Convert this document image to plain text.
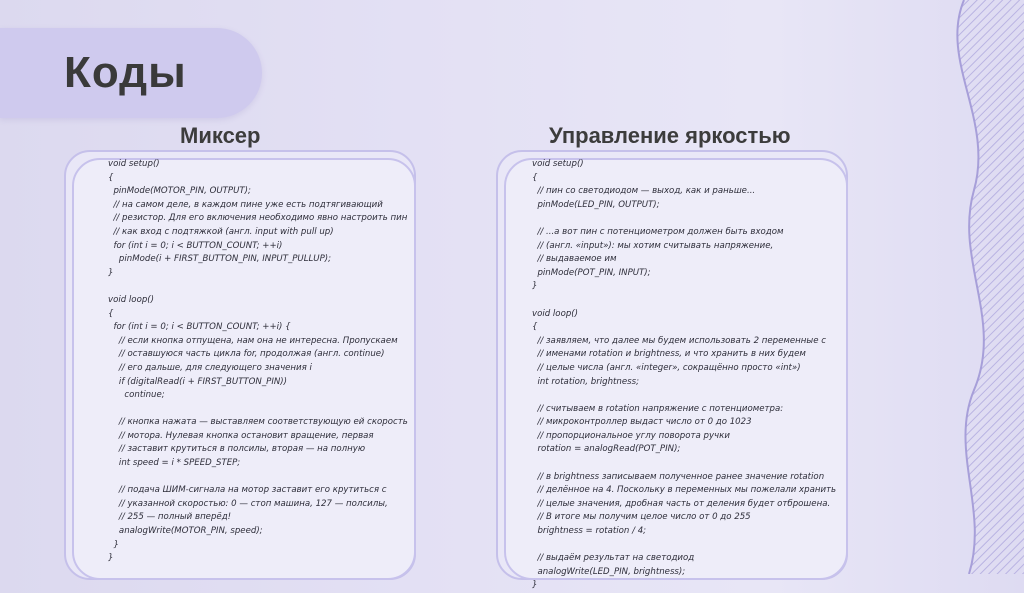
Коды
Миксер	Управление яркостью
void setup()
{
pinMode(MOTOR_PIN, OUTPUT);
// на самом деле, в каждом пине уже есть подтягивающий
// резистор. Для его включения необходимо явно настроить пин
// как вход с подтяжкой (англ. input with pull up)
for (int i = 0; i < BUTTON_COUNT; ++i)
pinMode(i + FIRST_BUTTON_PIN, INPUT_PULLUP);
}

void loop()
{
for (int i = 0; i < BUTTON_COUNT; ++i) {
// если кнопка отпущена, нам она не интересна. Пропускаем
// оставшуюся часть цикла for, продолжая (англ. continue)
// его дальше, для следующего значения i
if (digitalRead(i + FIRST_BUTTON_PIN))
continue;

// кнопка нажата — выставляем соответствующую ей скорость
// мотора. Нулевая кнопка остановит вращение, первая
// заставит крутиться в полсилы, вторая — на полную
int speed = i * SPEED_STEP;

// подача ШИМ-сигнала на мотор заставит его крутиться с
// указанной скоростью: 0 — стоп машина, 127 — полсилы,
// 255 — полный вперёд!
analogWrite(MOTOR_PIN, speed);
}
}
void setup()
{
// пин со светодиодом — выход, как и раньше...
pinMode(LED_PIN, OUTPUT);

// ...а вот пин с потенциометром должен быть входом
// (англ. «input»): мы хотим считывать напряжение,
// выдаваемое им
pinMode(POT_PIN, INPUT);
}

void loop()
{
// заявляем, что далее мы будем использовать 2 переменные с
// именами rotation и brightness, и что хранить в них будем
// целые числа (англ. «integer», сокращённо просто «int»)
int rotation, brightness;

// считываем в rotation напряжение с потенциометра:
// микроконтроллер выдаст число от 0 до 1023
// пропорциональное углу поворота ручки
rotation = analogRead(POT_PIN);

// в brightness записываем полученное ранее значение rotation
// делённое на 4. Поскольку в переменных мы пожелали хранить
// целые значения, дробная часть от деления будет отброшена.
// В итоге мы получим целое число от 0 до 255
brightness = rotation / 4;

// выдаём результат на светодиод
analogWrite(LED_PIN, brightness);
}
